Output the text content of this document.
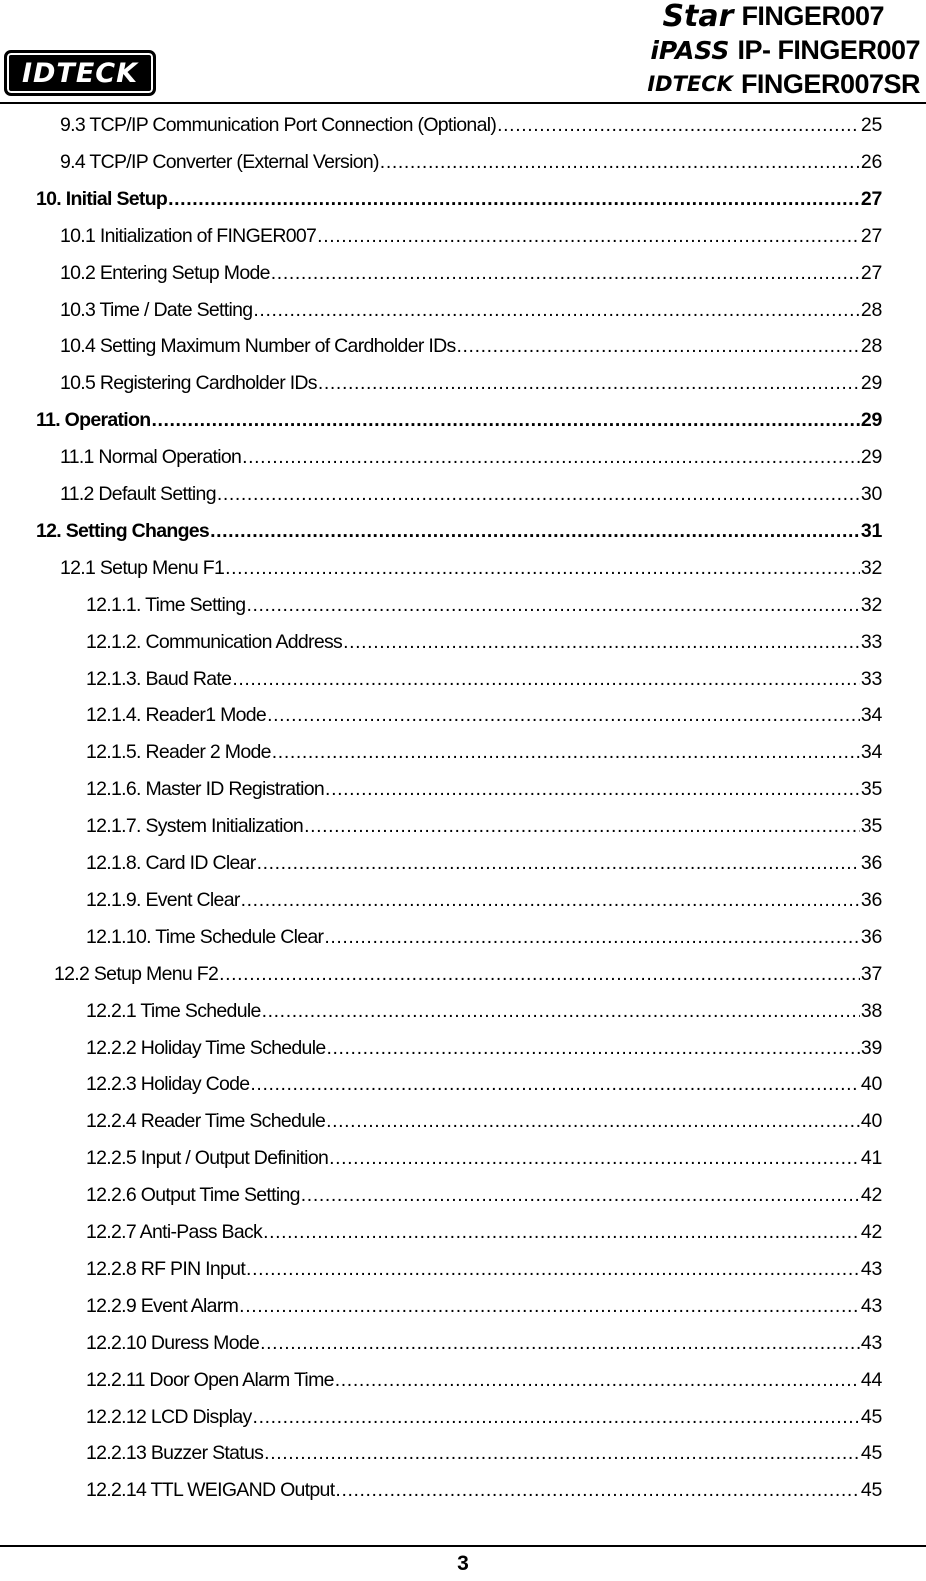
IDTECK
Star FINGER007
iPASS IP- FINGER007
IDTECK FINGER007SR
9.3 TCP/IP Communication Port Connection (Optional) .....	25
9.4 TCP/IP Converter (External Version) .....	26
10. Initial Setup .....	27
10.1 Initialization of FINGER007 .....	27
10.2 Entering Setup Mode .....	27
10.3 Time / Date Setting .....	28
10.4 Setting Maximum Number of Cardholder IDs .....	28
10.5 Registering Cardholder IDs .....	29
11. Operation .....	29
11.1 Normal Operation .....	29
11.2 Default Setting .....	30
12. Setting Changes .....	31
12.1 Setup Menu F1 .....	32
12.1.1. Time Setting .....	32
12.1.2. Communication Address .....	33
12.1.3. Baud Rate .....	33
12.1.4. Reader1 Mode .....	34
12.1.5. Reader 2 Mode .....	34
12.1.6. Master ID Registration .....	35
12.1.7. System Initialization .....	35
12.1.8. Card ID Clear .....	36
12.1.9. Event Clear .....	36
12.1.10. Time Schedule Clear .....	36
12.2 Setup Menu F2 .....	37
12.2.1 Time Schedule .....	38
12.2.2 Holiday Time Schedule .....	39
12.2.3 Holiday Code .....	40
12.2.4 Reader Time Schedule .....	40
12.2.5 Input / Output Definition .....	41
12.2.6 Output Time Setting .....	42
12.2.7 Anti-Pass Back .....	42
12.2.8 RF PIN Input .....	43
12.2.9 Event Alarm .....	43
12.2.10 Duress Mode .....	43
12.2.11 Door Open Alarm Time .....	44
12.2.12 LCD Display .....	45
12.2.13 Buzzer Status .....	45
12.2.14 TTL WEIGAND Output .....	45
3
